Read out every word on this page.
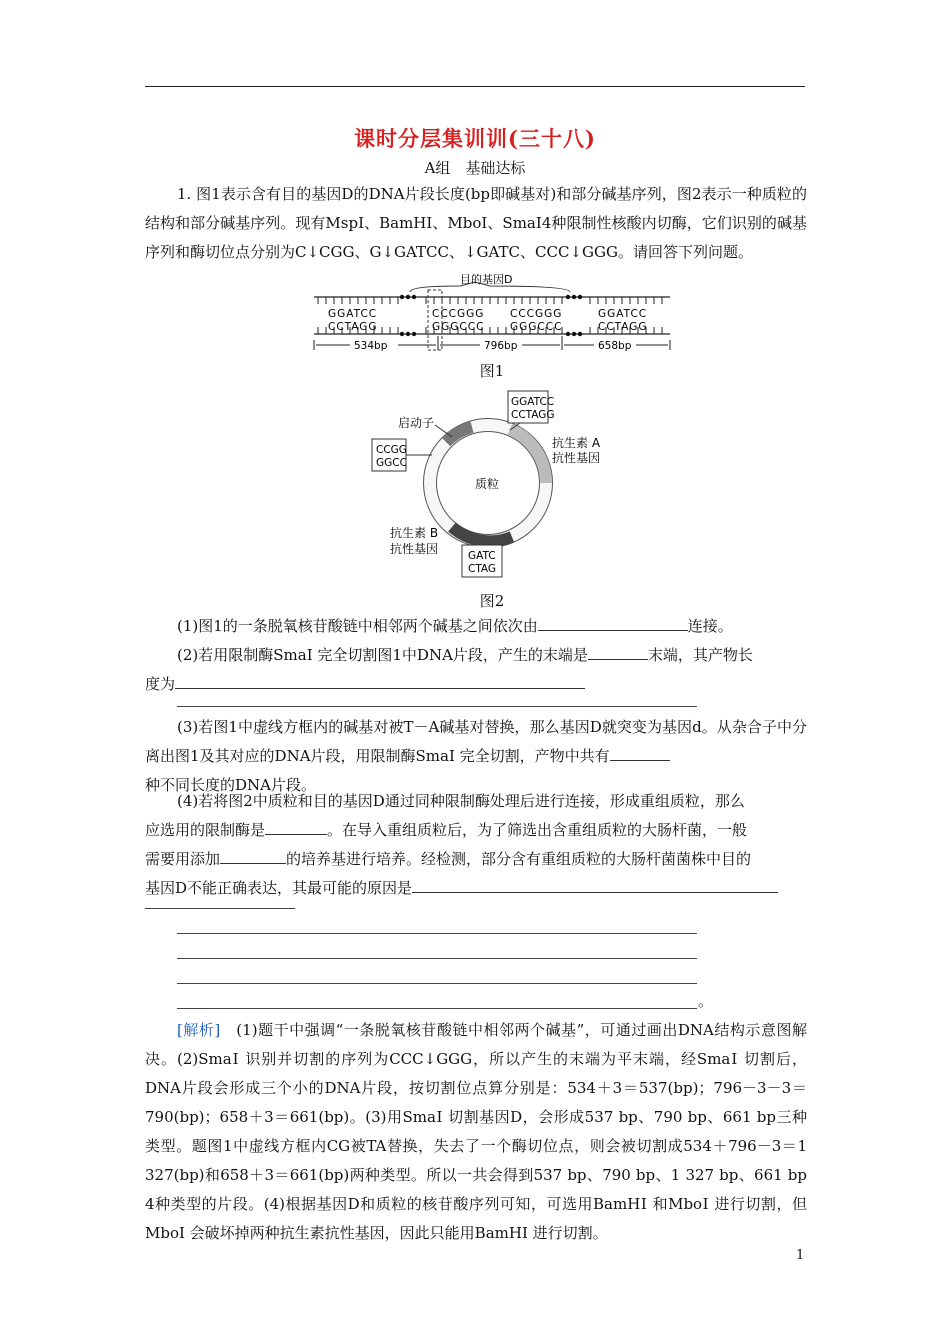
课时分层集训训(三十八)
A组　基础达标
1. 图1表示含有目的基因D的DNA片段长度(bp即碱基对)和部分碱基序列，图2表示一种质粒的结构和部分碱基序列。现有MspⅠ、BamHⅠ、MboⅠ、SmaⅠ4种限制性核酸内切酶，它们识别的碱基序列和酶切位点分别为C↓CGG、G↓GATCC、↓GATC、CCC↓GGG。请回答下列问题。
目的基因D
GGATCC	CCCGGG CCCGGG	GGATCC
CCTAGG	GGGCCC GGGCCC	CCTAGG
534bp	796bp	658bp
图1
质粒
启动子
GGATCC
CCTAGG
CCGG
GGCC
抗生素 A
抗性基因
抗生素 B
抗性基因	GATC
CTAG
图2
(1)图1的一条脱氧核苷酸链中相邻两个碱基之间依次由	连接。
(2)若用限制酶SmaⅠ 完全切割图1中DNA片段，产生的末端是	末端，其产物长
度为
(3)若图1中虚线方框内的碱基对被T－A碱基对替换，那么基因D就突变为基因d。从杂合子中分离出图1及其对应的DNA片段，用限制酶SmaⅠ 完全切割，产物中共有
种不同长度的DNA片段。
(4)若将图2中质粒和目的基因D通过同种限制酶处理后进行连接，形成重组质粒，那么
应选用的限制酶是	。在导入重组质粒后，为了筛选出含重组质粒的大肠杆菌，一般
需要用添加	的培养基进行培养。经检测，部分含有重组质粒的大肠杆菌菌株中目的
基因D不能正确表达，其最可能的原因是
。
[解析]　(1)题干中强调“一条脱氧核苷酸链中相邻两个碱基”，可通过画出DNA结构示意图解决。(2)SmaⅠ 识别并切割的序列为CCC↓GGG，所以产生的末端为平末端，经SmaⅠ 切割后，DNA片段会形成三个小的DNA片段，按切割位点算分别是：534＋3＝537(bp)；796－3－3＝790(bp)；658＋3＝661(bp)。(3)用SmaⅠ 切割基因D，会形成537 bp、790 bp、661 bp三种类型。题图1中虚线方框内CG被TA替换，失去了一个酶切位点，则会被切割成534＋796－3＝1 327(bp)和658＋3＝661(bp)两种类型。所以一共会得到537 bp、790 bp、1 327 bp、661 bp 4种类型的片段。(4)根据基因D和质粒的核苷酸序列可知，可选用BamHⅠ 和MboⅠ 进行切割，但MboⅠ 会破坏掉两种抗生素抗性基因，因此只能用BamHⅠ 进行切割。
1
